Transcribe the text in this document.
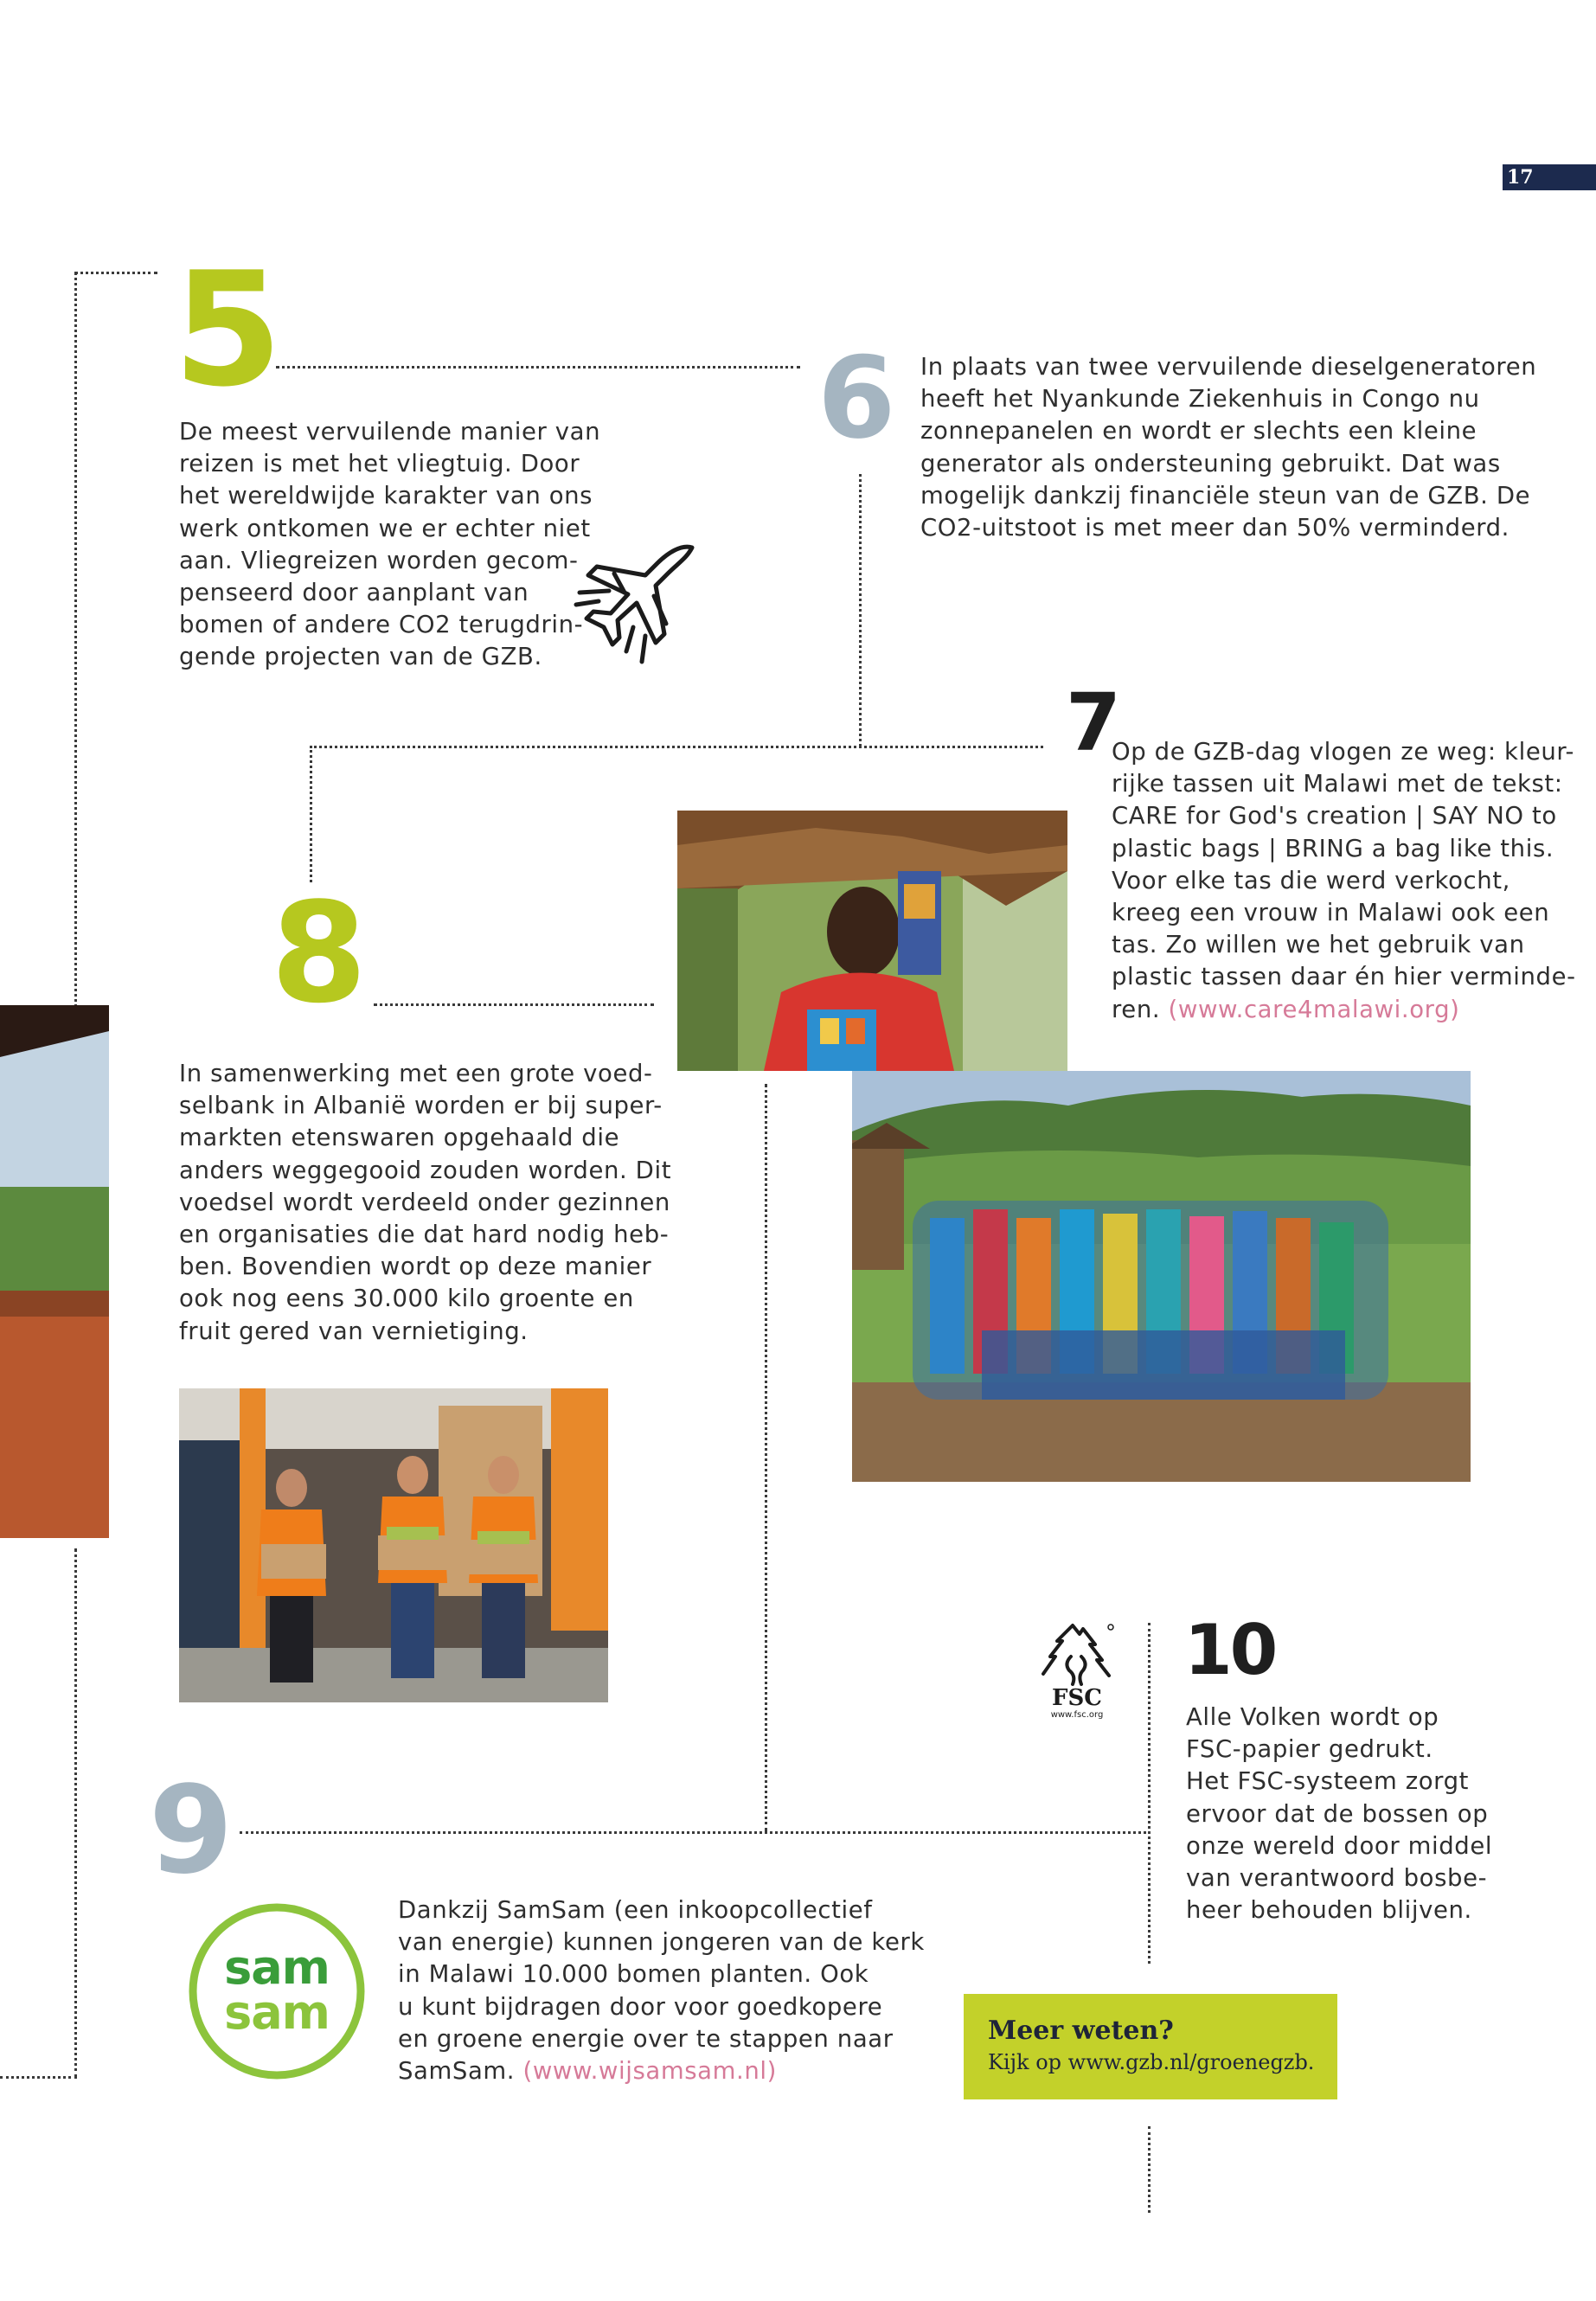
17
5
De meest vervuilende manier van
reizen is met het vliegtuig. Door
het wereldwijde karakter van ons
werk ontkomen we er echter niet
aan. Vliegreizen worden gecom-
penseerd door aanplant van
bomen of andere CO2 terugdrin-
gende projecten van de GZB.
6 In plaats van twee vervuilende dieselgeneratoren
heeft het Nyankunde Ziekenhuis in Congo nu
zonnepanelen en wordt er slechts een kleine
generator als ondersteuning gebruikt. Dat was
mogelijk dankzij financiële steun van de GZB. De
CO2-uitstoot is met meer dan 50% verminderd.
7
Op de GZB-dag vlogen ze weg: kleur-
rijke tassen uit Malawi met de tekst:
CARE for God's creation | SAY NO to
plastic bags | BRING a bag like this.
Voor elke tas die werd verkocht,
kreeg een vrouw in Malawi ook een
tas. Zo willen we het gebruik van
plastic tassen daar én hier verminde-
ren. (www.care4malawi.org)
8
In samenwerking met een grote voed-
selbank in Albanië worden er bij super-
markten etenswaren opgehaald die
anders weggegooid zouden worden. Dit
voedsel wordt verdeeld onder gezinnen
en organisaties die dat hard nodig heb-
ben. Bovendien wordt op deze manier
ook nog eens 30.000 kilo groente en
fruit gered van vernietiging.
9
sam
sam
Dankzij SamSam (een inkoopcollectief
van energie) kunnen jongeren van de kerk
in Malawi 10.000 bomen planten. Ook
u kunt bijdragen door voor goedkopere
en groene energie over te stappen naar
SamSam. (www.wijsamsam.nl)
FSC
www.fsc.org
10
Alle Volken wordt op
FSC-papier gedrukt.
Het FSC-systeem zorgt
ervoor dat de bossen op
onze wereld door middel
van verantwoord bosbe-
heer behouden blijven.
Meer weten?
Kijk op www.gzb.nl/groenegzb.
